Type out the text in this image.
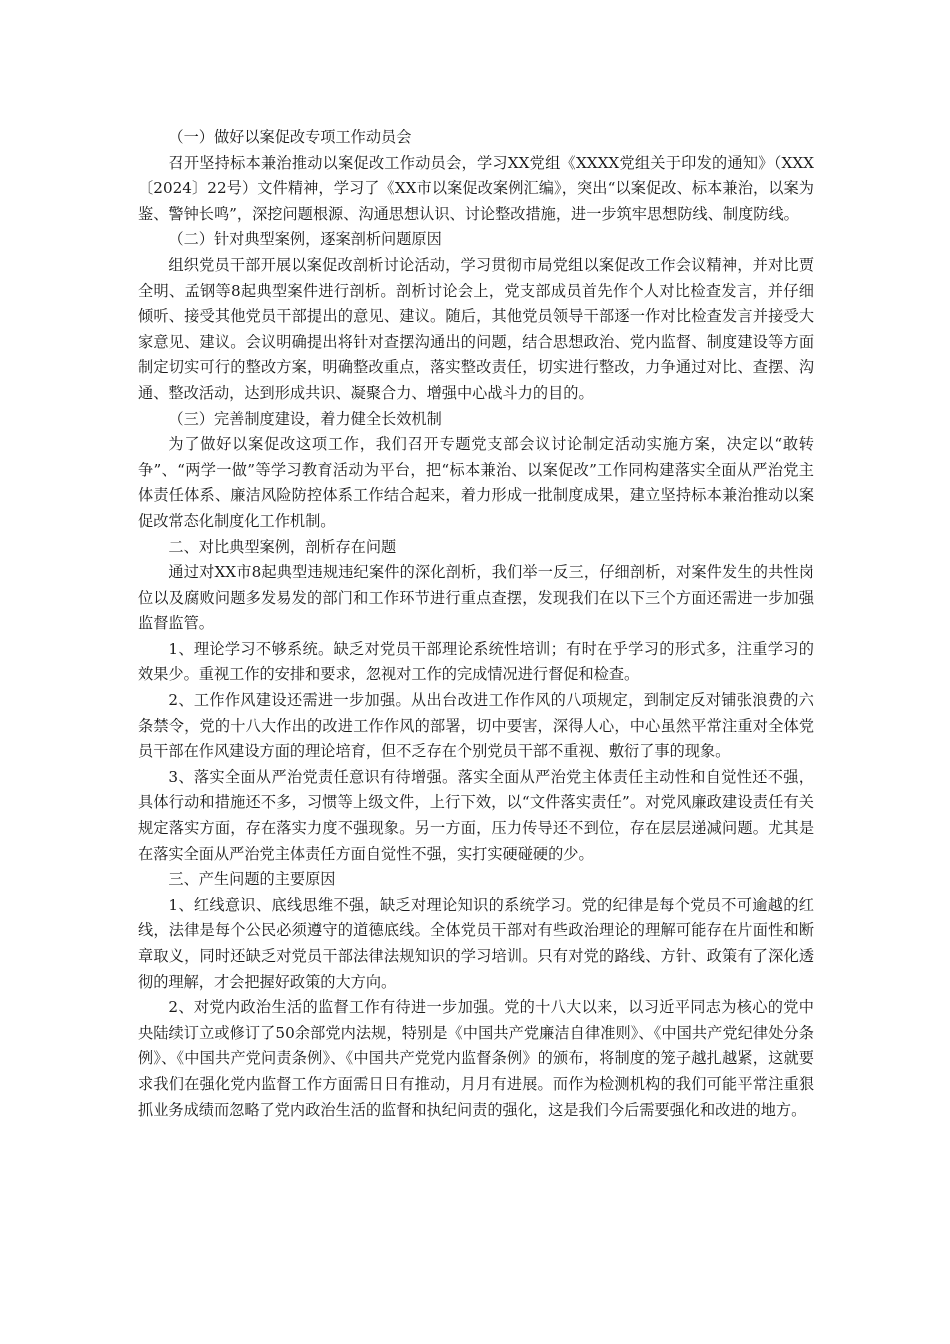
（一）做好以案促改专项工作动员会

召开坚持标本兼治推动以案促改工作动员会，学习XX党组《XXXX党组关于印发的通知》（XXX〔2024〕22号）文件精神，学习了《XX市以案促改案例汇编》，突出“以案促改、标本兼治，以案为鉴、警钟长鸣”，深挖问题根源、沟通思想认识、讨论整改措施，进一步筑牢思想防线、制度防线。

（二）针对典型案例，逐案剖析问题原因

组织党员干部开展以案促改剖析讨论活动，学习贯彻市局党组以案促改工作会议精神，并对比贾全明、孟钢等8起典型案件进行剖析。剖析讨论会上，党支部成员首先作个人对比检查发言，并仔细倾听、接受其他党员干部提出的意见、建议。随后，其他党员领导干部逐一作对比检查发言并接受大家意见、建议。会议明确提出将针对查摆沟通出的问题，结合思想政治、党内监督、制度建设等方面制定切实可行的整改方案，明确整改重点，落实整改责任，切实进行整改，力争通过对比、查摆、沟通、整改活动，达到形成共识、凝聚合力、增强中心战斗力的目的。

（三）完善制度建设，着力健全长效机制

为了做好以案促改这项工作，我们召开专题党支部会议讨论制定活动实施方案，决定以“敢转争”、“两学一做”等学习教育活动为平台，把“标本兼治、以案促改”工作同构建落实全面从严治党主体责任体系、廉洁风险防控体系工作结合起来，着力形成一批制度成果，建立坚持标本兼治推动以案促改常态化制度化工作机制。

二、对比典型案例，剖析存在问题

通过对XX市8起典型违规违纪案件的深化剖析，我们举一反三，仔细剖析，对案件发生的共性岗位以及腐败问题多发易发的部门和工作环节进行重点查摆，发现我们在以下三个方面还需进一步加强监督监管。

1、理论学习不够系统。缺乏对党员干部理论系统性培训；有时在乎学习的形式多，注重学习的效果少。重视工作的安排和要求，忽视对工作的完成情况进行督促和检查。

2、工作作风建设还需进一步加强。从出台改进工作作风的八项规定，到制定反对铺张浪费的六条禁令，党的十八大作出的改进工作作风的部署，切中要害，深得人心，中心虽然平常注重对全体党员干部在作风建设方面的理论培育，但不乏存在个别党员干部不重视、敷衍了事的现象。

3、落实全面从严治党责任意识有待增强。落实全面从严治党主体责任主动性和自觉性还不强，具体行动和措施还不多，习惯等上级文件，上行下效，以“文件落实责任”。对党风廉政建设责任有关规定落实方面，存在落实力度不强现象。另一方面，压力传导还不到位，存在层层递减问题。尤其是在落实全面从严治党主体责任方面自觉性不强，实打实硬碰硬的少。

三、产生问题的主要原因

1、红线意识、底线思维不强，缺乏对理论知识的系统学习。党的纪律是每个党员不可逾越的红线，法律是每个公民必须遵守的道德底线。全体党员干部对有些政治理论的理解可能存在片面性和断章取义，同时还缺乏对党员干部法律法规知识的学习培训。只有对党的路线、方针、政策有了深化透彻的理解，才会把握好政策的大方向。

2、对党内政治生活的监督工作有待进一步加强。党的十八大以来，以习近平同志为核心的党中央陆续订立或修订了50余部党内法规，特别是《中国共产党廉洁自律准则》、《中国共产党纪律处分条例》、《中国共产党问责条例》、《中国共产党党内监督条例》的颁布，将制度的笼子越扎越紧，这就要求我们在强化党内监督工作方面需日日有推动，月月有进展。而作为检测机构的我们可能平常注重狠抓业务成绩而忽略了党内政治生活的监督和执纪问责的强化，这是我们今后需要强化和改进的地方。
